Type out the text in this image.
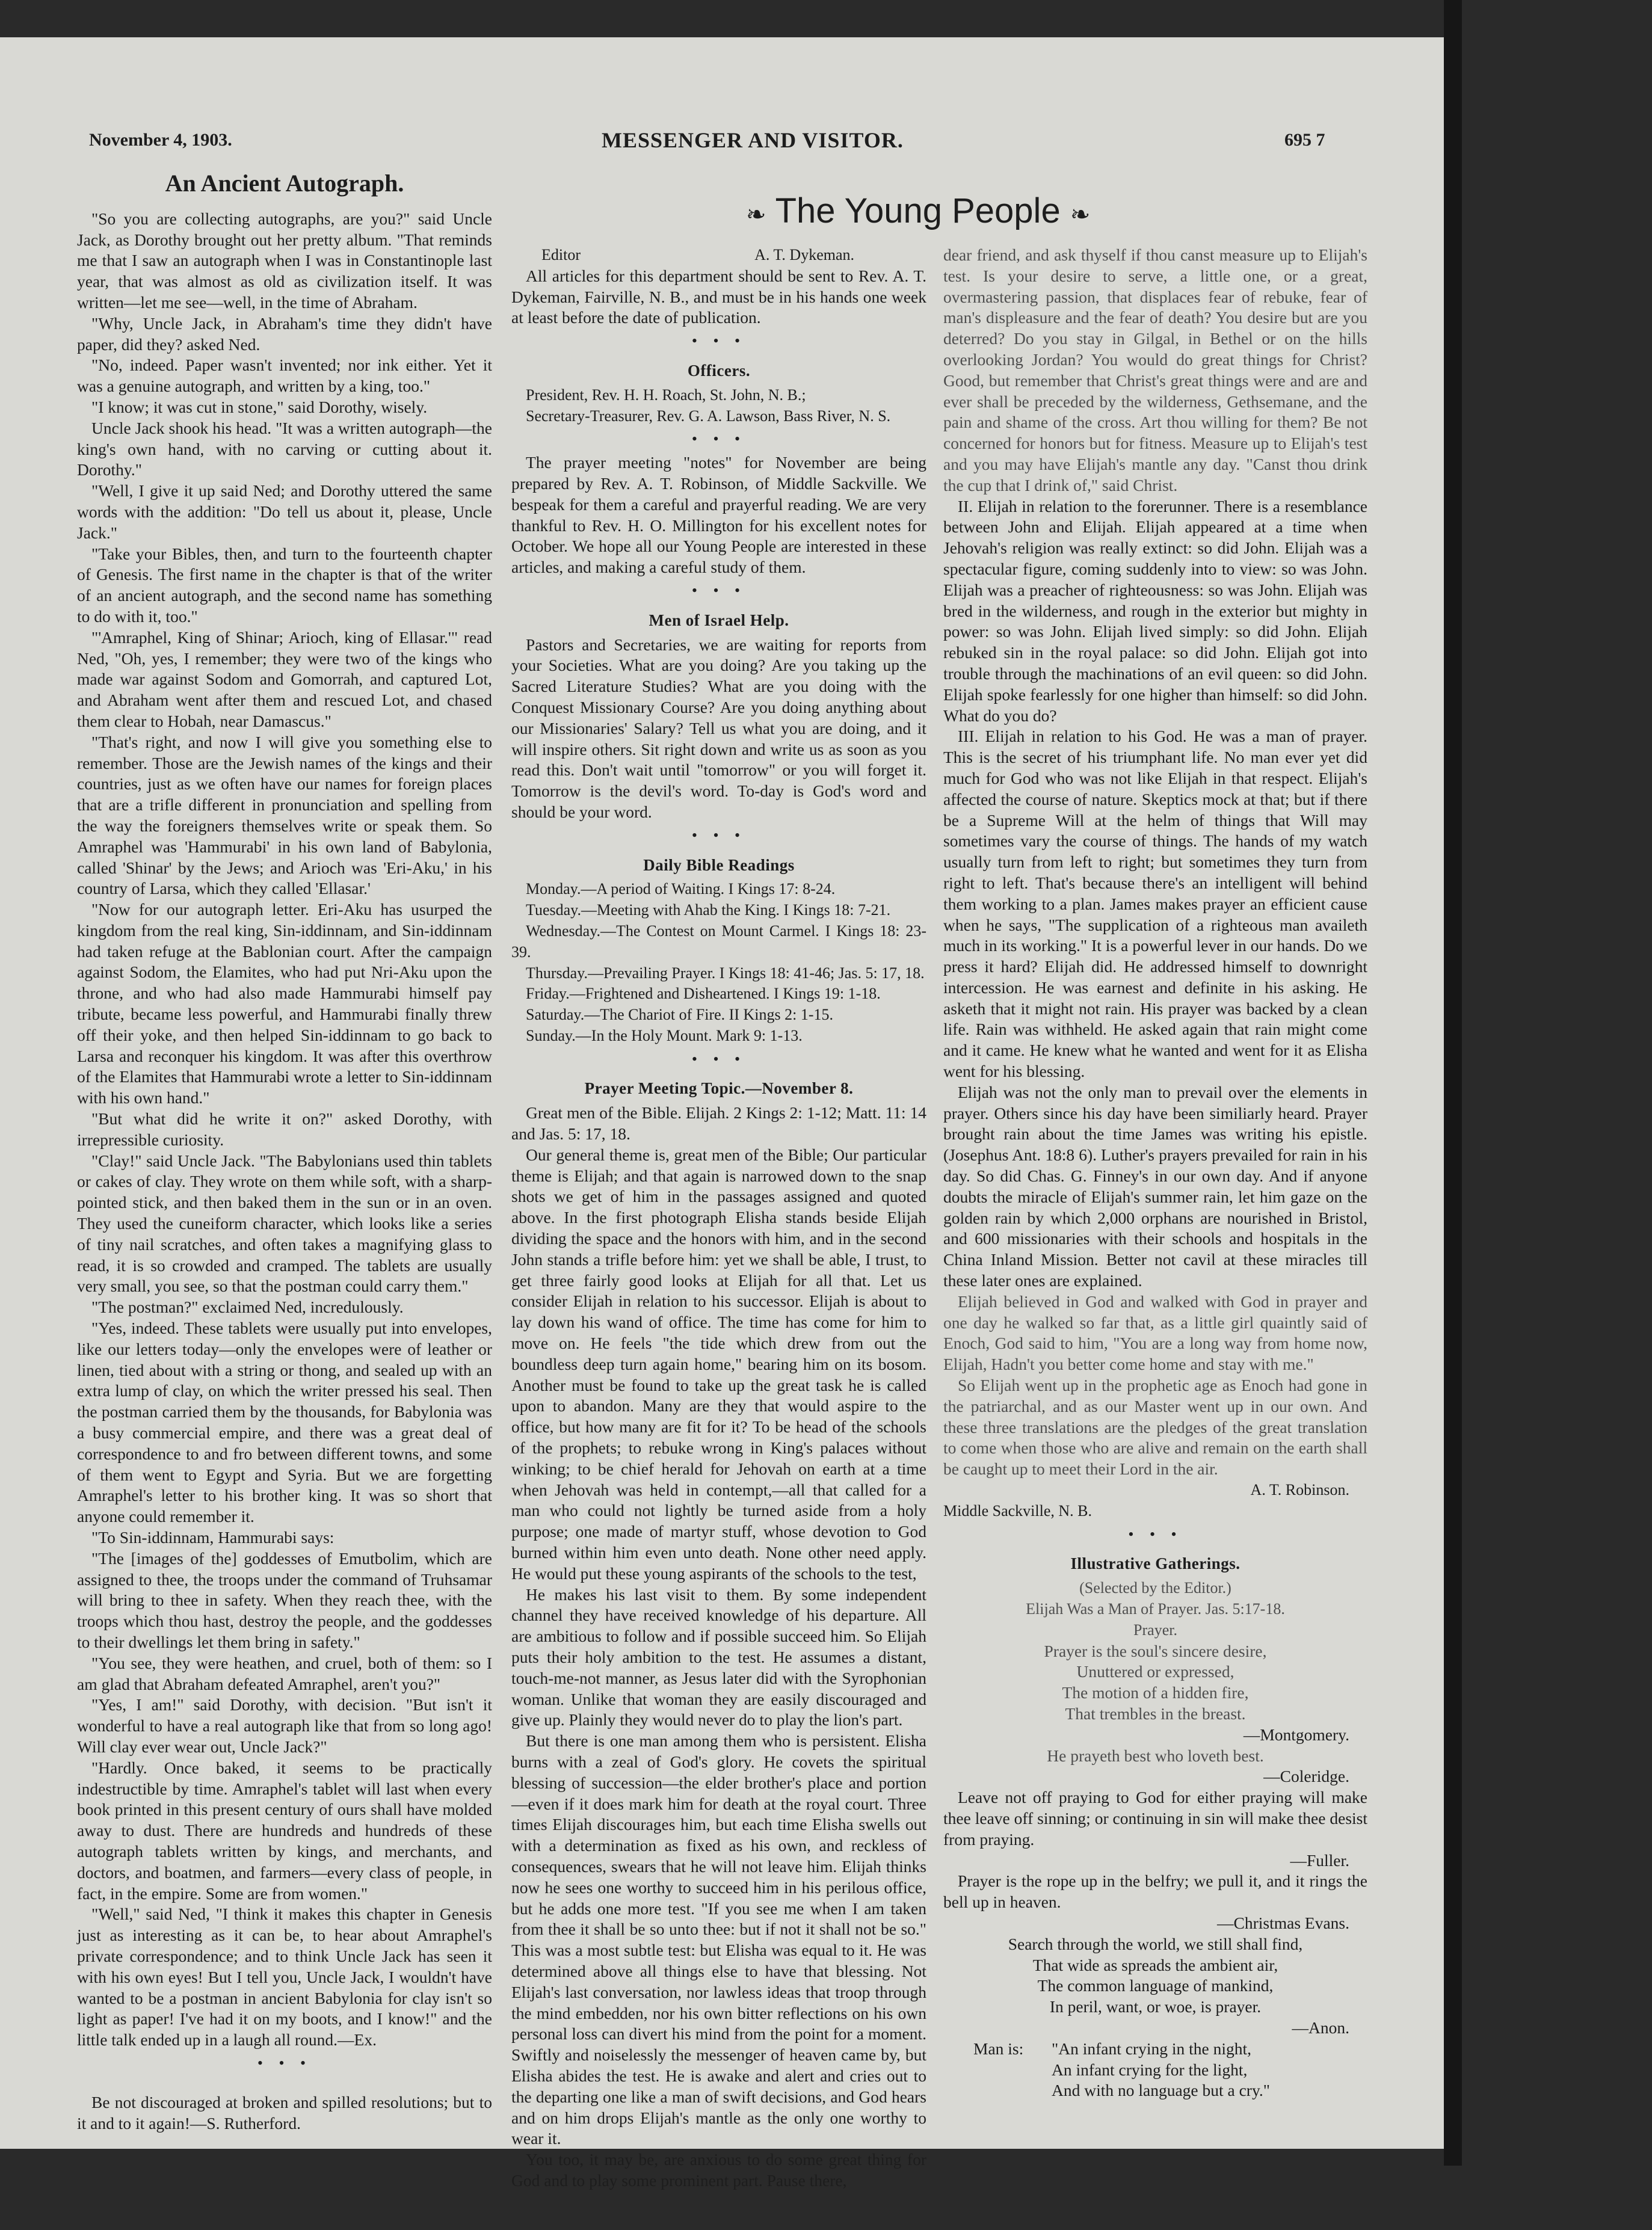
November 4, 1903.	MESSENGER AND VISITOR.	695 7
An Ancient Autograph.

"So you are collecting autographs, are you?" said Uncle Jack, as Dorothy brought out her pretty album. "That reminds me that I saw an autograph when I was in Constantinople last year, that was almost as old as civilization itself. It was written—let me see—well, in the time of Abraham.

"Why, Uncle Jack, in Abraham's time they didn't have paper, did they? asked Ned.

"No, indeed. Paper wasn't invented; nor ink either. Yet it was a genuine autograph, and written by a king, too."

"I know; it was cut in stone," said Dorothy, wisely.

Uncle Jack shook his head. "It was a written autograph—the king's own hand, with no carving or cutting about it. Dorothy."

"Well, I give it up said Ned; and Dorothy uttered the same words with the addition: "Do tell us about it, please, Uncle Jack."

"Take your Bibles, then, and turn to the fourteenth chapter of Genesis. The first name in the chapter is that of the writer of an ancient autograph, and the second name has something to do with it, too."

"'Amraphel, King of Shinar; Arioch, king of Ellasar.'" read Ned, "Oh, yes, I remember; they were two of the kings who made war against Sodom and Gomorrah, and captured Lot, and Abraham went after them and rescued Lot, and chased them clear to Hobah, near Damascus."

"That's right, and now I will give you something else to remember. Those are the Jewish names of the kings and their countries, just as we often have our names for foreign places that are a trifle different in pronunciation and spelling from the way the foreigners themselves write or speak them. So Amraphel was 'Hammurabi' in his own land of Babylonia, called 'Shinar' by the Jews; and Arioch was 'Eri-Aku,' in his country of Larsa, which they called 'Ellasar.'

"Now for our autograph letter. Eri-Aku has usurped the kingdom from the real king, Sin-iddinnam, and Sin-iddinnam had taken refuge at the Bablonian court. After the campaign against Sodom, the Elamites, who had put Nri-Aku upon the throne, and who had also made Hammurabi himself pay tribute, became less powerful, and Hammurabi finally threw off their yoke, and then helped Sin-iddinnam to go back to Larsa and reconquer his kingdom. It was after this overthrow of the Elamites that Hammurabi wrote a letter to Sin-iddinnam with his own hand."

"But what did he write it on?" asked Dorothy, with irrepressible curiosity.

"Clay!" said Uncle Jack. "The Babylonians used thin tablets or cakes of clay. They wrote on them while soft, with a sharp-pointed stick, and then baked them in the sun or in an oven. They used the cuneiform character, which looks like a series of tiny nail scratches, and often takes a magnifying glass to read, it is so crowded and cramped. The tablets are usually very small, you see, so that the postman could carry them."

"The postman?" exclaimed Ned, incredulously.

"Yes, indeed. These tablets were usually put into envelopes, like our letters today—only the envelopes were of leather or linen, tied about with a string or thong, and sealed up with an extra lump of clay, on which the writer pressed his seal. Then the postman carried them by the thousands, for Babylonia was a busy commercial empire, and there was a great deal of correspondence to and fro between different towns, and some of them went to Egypt and Syria. But we are forgetting Amraphel's letter to his brother king. It was so short that anyone could remember it.

"To Sin-iddinnam, Hammurabi says:

"The [images of the] goddesses of Emutbolim, which are assigned to thee, the troops under the command of Truhsamar will bring to thee in safety. When they reach thee, with the troops which thou hast, destroy the people, and the goddesses to their dwellings let them bring in safety."

"You see, they were heathen, and cruel, both of them: so I am glad that Abraham defeated Amraphel, aren't you?"

"Yes, I am!" said Dorothy, with decision. "But isn't it wonderful to have a real autograph like that from so long ago! Will clay ever wear out, Uncle Jack?"

"Hardly. Once baked, it seems to be practically indestructible by time. Amraphel's tablet will last when every book printed in this present century of ours shall have molded away to dust. There are hundreds and hundreds of these autograph tablets written by kings, and merchants, and doctors, and boatmen, and farmers—every class of people, in fact, in the empire. Some are from women."

"Well," said Ned, "I think it makes this chapter in Genesis just as interesting as it can be, to hear about Amraphel's private correspondence; and to think Uncle Jack has seen it with his own eyes! But I tell you, Uncle Jack, I wouldn't have wanted to be a postman in ancient Babylonia for clay isn't so light as paper! I've had it on my boots, and I know!" and the little talk ended up in a laugh all round.—Ex.

• • •

Be not discouraged at broken and spilled resolutions; but to it and to it again!—S. Rutherford.

❧ The Young People ❧
Editor	A. T. Dykeman.

All articles for this department should be sent to Rev. A. T. Dykeman, Fairville, N. B., and must be in his hands one week at least before the date of publication.

• • •
Officers.

President, Rev. H. H. Roach, St. John, N. B.;

Secretary-Treasurer, Rev. G. A. Lawson, Bass River, N. S.

• • •

The prayer meeting "notes" for November are being prepared by Rev. A. T. Robinson, of Middle Sackville. We bespeak for them a careful and prayerful reading. We are very thankful to Rev. H. O. Millington for his excellent notes for October. We hope all our Young People are interested in these articles, and making a careful study of them.

• • •
Men of Israel Help.

Pastors and Secretaries, we are waiting for reports from your Societies. What are you doing? Are you taking up the Sacred Literature Studies? What are you doing with the Conquest Missionary Course? Are you doing anything about our Missionaries' Salary? Tell us what you are doing, and it will inspire others. Sit right down and write us as soon as you read this. Don't wait until "tomorrow" or you will forget it. Tomorrow is the devil's word. To-day is God's word and should be your word.

• • •
Daily Bible Readings

Monday.—A period of Waiting. I Kings 17: 8-24.

Tuesday.—Meeting with Ahab the King. I Kings 18: 7-21.

Wednesday.—The Contest on Mount Carmel. I Kings 18: 23-39.

Thursday.—Prevailing Prayer. I Kings 18: 41-46; Jas. 5: 17, 18.

Friday.—Frightened and Disheartened. I Kings 19: 1-18.

Saturday.—The Chariot of Fire. II Kings 2: 1-15.

Sunday.—In the Holy Mount. Mark 9: 1-13.

• • •
Prayer Meeting Topic.—November 8.

Great men of the Bible. Elijah. 2 Kings 2: 1-12; Matt. 11: 14 and Jas. 5: 17, 18.

Our general theme is, great men of the Bible; Our particular theme is Elijah; and that again is narrowed down to the snap shots we get of him in the passages assigned and quoted above. In the first photograph Elisha stands beside Elijah dividing the space and the honors with him, and in the second John stands a trifle before him: yet we shall be able, I trust, to get three fairly good looks at Elijah for all that. Let us consider Elijah in relation to his successor. Elijah is about to lay down his wand of office. The time has come for him to move on. He feels "the tide which drew from out the boundless deep turn again home," bearing him on its bosom. Another must be found to take up the great task he is called upon to abandon. Many are they that would aspire to the office, but how many are fit for it? To be head of the schools of the prophets; to rebuke wrong in King's palaces without winking; to be chief herald for Jehovah on earth at a time when Jehovah was held in contempt,—all that called for a man who could not lightly be turned aside from a holy purpose; one made of martyr stuff, whose devotion to God burned within him even unto death. None other need apply. He would put these young aspirants of the schools to the test,

He makes his last visit to them. By some independent channel they have received knowledge of his departure. All are ambitious to follow and if possible succeed him. So Elijah puts their holy ambition to the test. He assumes a distant, touch-me-not manner, as Jesus later did with the Syrophonian woman. Unlike that woman they are easily discouraged and give up. Plainly they would never do to play the lion's part.

But there is one man among them who is persistent. Elisha burns with a zeal of God's glory. He covets the spiritual blessing of succession—the elder brother's place and portion—even if it does mark him for death at the royal court. Three times Elijah discourages him, but each time Elisha swells out with a determination as fixed as his own, and reckless of consequences, swears that he will not leave him. Elijah thinks now he sees one worthy to succeed him in his perilous office, but he adds one more test. "If you see me when I am taken from thee it shall be so unto thee: but if not it shall not be so." This was a most subtle test: but Elisha was equal to it. He was determined above all things else to have that blessing. Not Elijah's last conversation, nor lawless ideas that troop through the mind embedden, nor his own bitter reflections on his own personal loss can divert his mind from the point for a moment. Swiftly and noiselessly the messenger of heaven came by, but Elisha abides the test. He is awake and alert and cries out to the departing one like a man of swift decisions, and God hears and on him drops Elijah's mantle as the only one worthy to wear it.

You too, it may be, are anxious to do some great thing for God and to play some prominent part. Pause there,

dear friend, and ask thyself if thou canst measure up to Elijah's test. Is your desire to serve, a little one, or a great, overmastering passion, that displaces fear of rebuke, fear of man's displeasure and the fear of death? You desire but are you deterred? Do you stay in Gilgal, in Bethel or on the hills overlooking Jordan? You would do great things for Christ? Good, but remember that Christ's great things were and are and ever shall be preceded by the wilderness, Gethsemane, and the pain and shame of the cross. Art thou willing for them? Be not concerned for honors but for fitness. Measure up to Elijah's test and you may have Elijah's mantle any day. "Canst thou drink the cup that I drink of," said Christ.

II. Elijah in relation to the forerunner. There is a resemblance between John and Elijah. Elijah appeared at a time when Jehovah's religion was really extinct: so did John. Elijah was a spectacular figure, coming suddenly into to view: so was John. Elijah was a preacher of righteousness: so was John. Elijah was bred in the wilderness, and rough in the exterior but mighty in power: so was John. Elijah lived simply: so did John. Elijah rebuked sin in the royal palace: so did John. Elijah got into trouble through the machinations of an evil queen: so did John. Elijah spoke fearlessly for one higher than himself: so did John. What do you do?

III. Elijah in relation to his God. He was a man of prayer. This is the secret of his triumphant life. No man ever yet did much for God who was not like Elijah in that respect. Elijah's affected the course of nature. Skeptics mock at that; but if there be a Supreme Will at the helm of things that Will may sometimes vary the course of things. The hands of my watch usually turn from left to right; but sometimes they turn from right to left. That's because there's an intelligent will behind them working to a plan. James makes prayer an efficient cause when he says, "The supplication of a righteous man availeth much in its working." It is a powerful lever in our hands. Do we press it hard? Elijah did. He addressed himself to downright intercession. He was earnest and definite in his asking. He asketh that it might not rain. His prayer was backed by a clean life. Rain was withheld. He asked again that rain might come and it came. He knew what he wanted and went for it as Elisha went for his blessing.

Elijah was not the only man to prevail over the elements in prayer. Others since his day have been similiarly heard. Prayer brought rain about the time James was writing his epistle. (Josephus Ant. 18:8 6). Luther's prayers prevailed for rain in his day. So did Chas. G. Finney's in our own day. And if anyone doubts the miracle of Elijah's summer rain, let him gaze on the golden rain by which 2,000 orphans are nourished in Bristol, and 600 missionaries with their schools and hospitals in the China Inland Mission. Better not cavil at these miracles till these later ones are explained.

Elijah believed in God and walked with God in prayer and one day he walked so far that, as a little girl quaintly said of Enoch, God said to him, "You are a long way from home now, Elijah, Hadn't you better come home and stay with me."

So Elijah went up in the prophetic age as Enoch had gone in the patriarchal, and as our Master went up in our own. And these three translations are the pledges of the great translation to come when those who are alive and remain on the earth shall be caught up to meet their Lord in the air.

A. T. Robinson.

Middle Sackville, N. B.

• • •
Illustrative Gatherings.
(Selected by the Editor.)
Elijah Was a Man of Prayer. Jas. 5:17-18.
Prayer.
Prayer is the soul's sincere desire,
Unuttered or expressed,
The motion of a hidden fire,
That trembles in the breast.
—Montgomery.
He prayeth best who loveth best.
—Coleridge.

Leave not off praying to God for either praying will make thee leave off sinning; or continuing in sin will make thee desist from praying.

—Fuller.

Prayer is the rope up in the belfry; we pull it, and it rings the bell up in heaven.

—Christmas Evans.
Search through the world, we still shall find,
That wide as spreads the ambient air,
The common language of mankind,
In peril, want, or woe, is prayer.
—Anon.
Man is:	"An infant crying in the night,
An infant crying for the light,
And with no language but a cry."
